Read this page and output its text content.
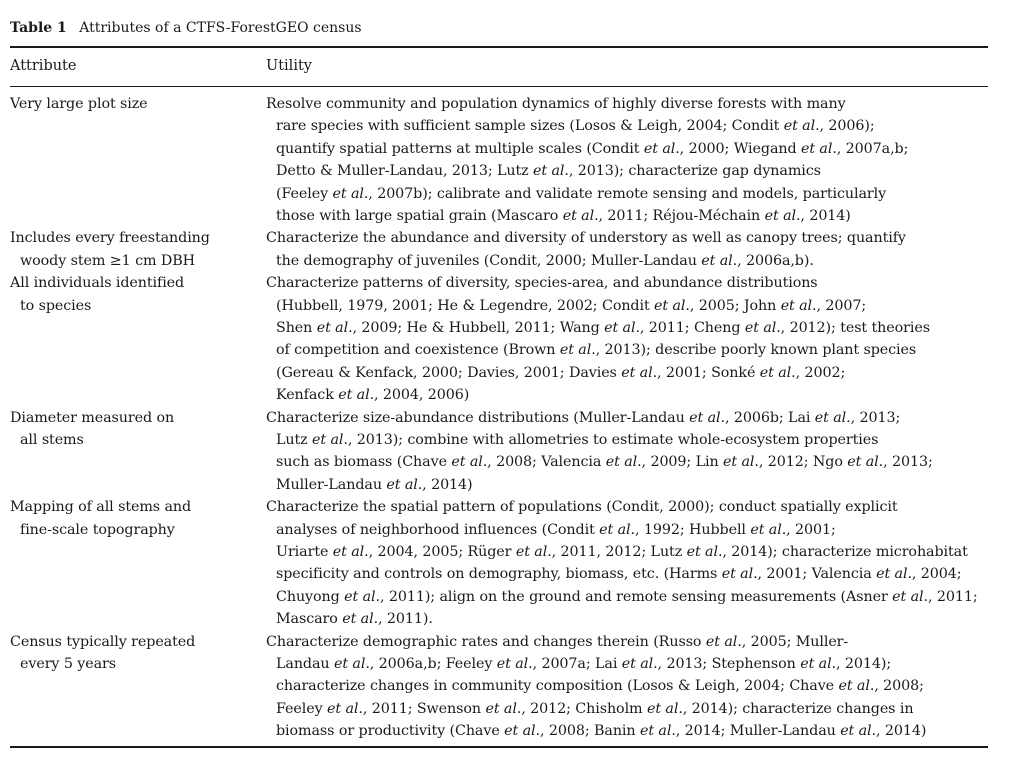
Table 1 Attributes of a CTFS-ForestGEO census
Attribute	Utility
Very large plot size	Resolve community and population dynamics of highly diverse forests with many
rare species with sufficient sample sizes (Losos & Leigh, 2004; Condit et al., 2006);
quantify spatial patterns at multiple scales (Condit et al., 2000; Wiegand et al., 2007a,b;
Detto & Muller-Landau, 2013; Lutz et al., 2013); characterize gap dynamics
(Feeley et al., 2007b); calibrate and validate remote sensing and models, particularly
those with large spatial grain (Mascaro et al., 2011; Réjou-Méchain et al., 2014)
Includes every freestanding
woody stem ≥1 cm DBH
Characterize the abundance and diversity of understory as well as canopy trees; quantify
the demography of juveniles (Condit, 2000; Muller-Landau et al., 2006a,b).
All individuals identified
to species
Characterize patterns of diversity, species-area, and abundance distributions
(Hubbell, 1979, 2001; He & Legendre, 2002; Condit et al., 2005; John et al., 2007;
Shen et al., 2009; He & Hubbell, 2011; Wang et al., 2011; Cheng et al., 2012); test theories
of competition and coexistence (Brown et al., 2013); describe poorly known plant species
(Gereau & Kenfack, 2000; Davies, 2001; Davies et al., 2001; Sonké et al., 2002;
Kenfack et al., 2004, 2006)
Diameter measured on
all stems
Characterize size-abundance distributions (Muller-Landau et al., 2006b; Lai et al., 2013;
Lutz et al., 2013); combine with allometries to estimate whole-ecosystem properties
such as biomass (Chave et al., 2008; Valencia et al., 2009; Lin et al., 2012; Ngo et al., 2013;
Muller-Landau et al., 2014)
Mapping of all stems and
fine-scale topography
Characterize the spatial pattern of populations (Condit, 2000); conduct spatially explicit
analyses of neighborhood influences (Condit et al., 1992; Hubbell et al., 2001;
Uriarte et al., 2004, 2005; Rüger et al., 2011, 2012; Lutz et al., 2014); characterize microhabitat
specificity and controls on demography, biomass, etc. (Harms et al., 2001; Valencia et al., 2004;
Chuyong et al., 2011); align on the ground and remote sensing measurements (Asner et al., 2011;
Mascaro et al., 2011).
Census typically repeated
every 5 years
Characterize demographic rates and changes therein (Russo et al., 2005; Muller-
Landau et al., 2006a,b; Feeley et al., 2007a; Lai et al., 2013; Stephenson et al., 2014);
characterize changes in community composition (Losos & Leigh, 2004; Chave et al., 2008;
Feeley et al., 2011; Swenson et al., 2012; Chisholm et al., 2014); characterize changes in
biomass or productivity (Chave et al., 2008; Banin et al., 2014; Muller-Landau et al., 2014)
